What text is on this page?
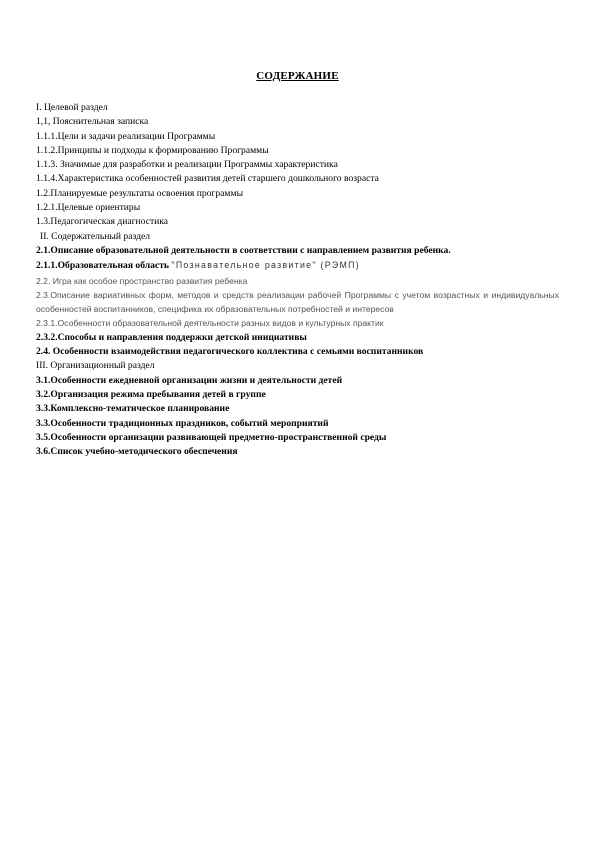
СОДЕРЖАНИЕ
I. Целевой раздел
1,1, Пояснительная записка
1.1.1.Цели и задачи реализации Программы
1.1.2.Принципы и подходы к формированию Программы
1.1.3. Значимые для разработки и реализации Программы характеристика
1.1.4.Характеристика особенностей развития детей старшего дошкольного возраста
1.2.Планируемые результаты освоения программы
1.2.1.Целевые ориентиры
1.3.Педагогическая диагностика
II. Содержательный раздел
2.1.Описание образовательной деятельности в соответствии с направлением развития ребенка.
2.1.1.Образовательная область "Познавательное развитие" (РЭМП)
2.2. Игра как особое пространство развития ребенка
2.3.Описание вариативных форм, методов и средств реализации рабочей Программы с учетом возрастных и индивидуальных особенностей воспитанников, специфика их образовательных потребностей и интересов
2.3.1.Особенности образовательной деятельности разных видов и культурных практик
2.3.2.Способы и направления поддержки детской инициативы
2.4. Особенности взаимодействия педагогического коллектива с семьями воспитанников
III. Организационный раздел
3.1.Особенности ежедневной организации жизни и деятельности детей
3.2.Организация режима пребывания детей в группе
3.3.Комплексно-тематическое планирование
3.3.Особенности традиционных праздников, событий мероприятий
3.5.Особенности организации развивающей предметно-пространственной среды
3.6.Список учебно-методического обеспечения
